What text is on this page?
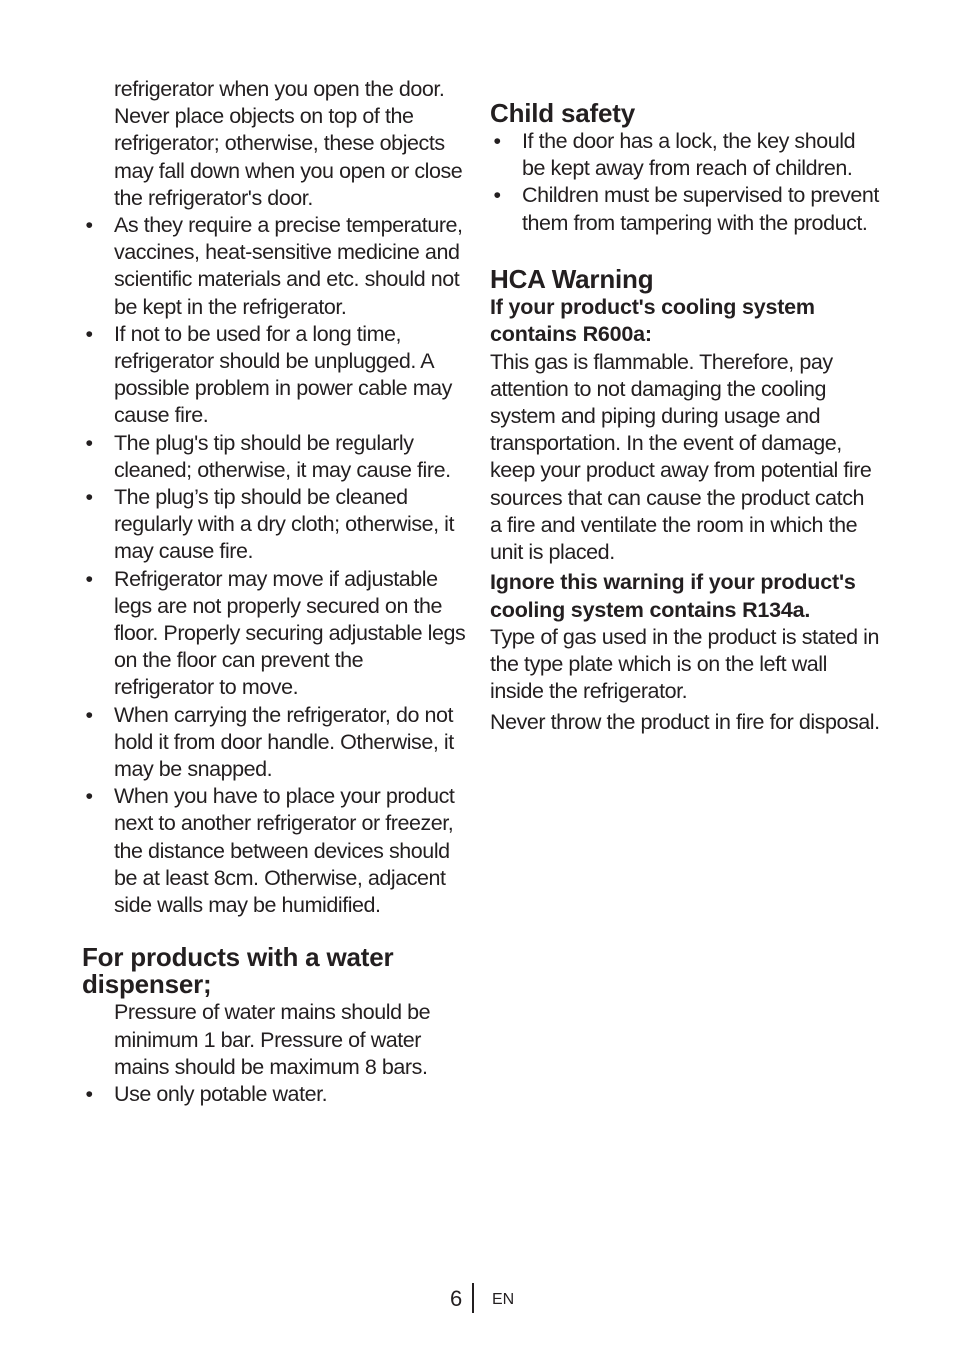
refrigerator when you open the door. Never place objects on top of the refrigerator; otherwise, these objects may fall down when you open or close the refrigerator's door.

• As they require a precise temperature, vaccines, heat-sensitive medicine and scientific materials and etc. should not be kept in the refrigerator.
• If not to be used for a long time, refrigerator should be unplugged. A possible problem in power cable may cause fire.
• The plug's tip should be regularly cleaned; otherwise, it may cause fire.
• The plug’s tip should be cleaned regularly with a dry cloth; otherwise, it may cause fire.
• Refrigerator may move if adjustable legs are not properly secured on the floor. Properly securing adjustable legs on the floor can prevent the refrigerator to move.
• When carrying the refrigerator, do not hold it from door handle. Otherwise, it may be snapped.
• When you have to place your product next to another refrigerator or freezer, the distance between devices should be at least 8cm. Otherwise, adjacent side walls may be humidified.
For products with a water dispenser;

Pressure of water mains should be minimum 1 bar. Pressure of water mains should be maximum 8 bars.

• Use only potable water.
Child safety
• If the door has a lock, the key should be kept away from reach of children.
• Children must be supervised to prevent them from tampering with the product.
HCA Warning

If your product's cooling system contains R600a:

This gas is flammable. Therefore, pay attention to not damaging the cooling system and piping during usage and transportation. In the event of damage, keep your product away from potential fire sources that can cause the product catch a fire and ventilate the room in which the unit is placed.

Ignore this warning if your product's cooling system contains R134a.

Type of gas used in the product is stated in the type plate which is on the left wall inside the refrigerator.

Never throw the product in fire for disposal.

6 EN
